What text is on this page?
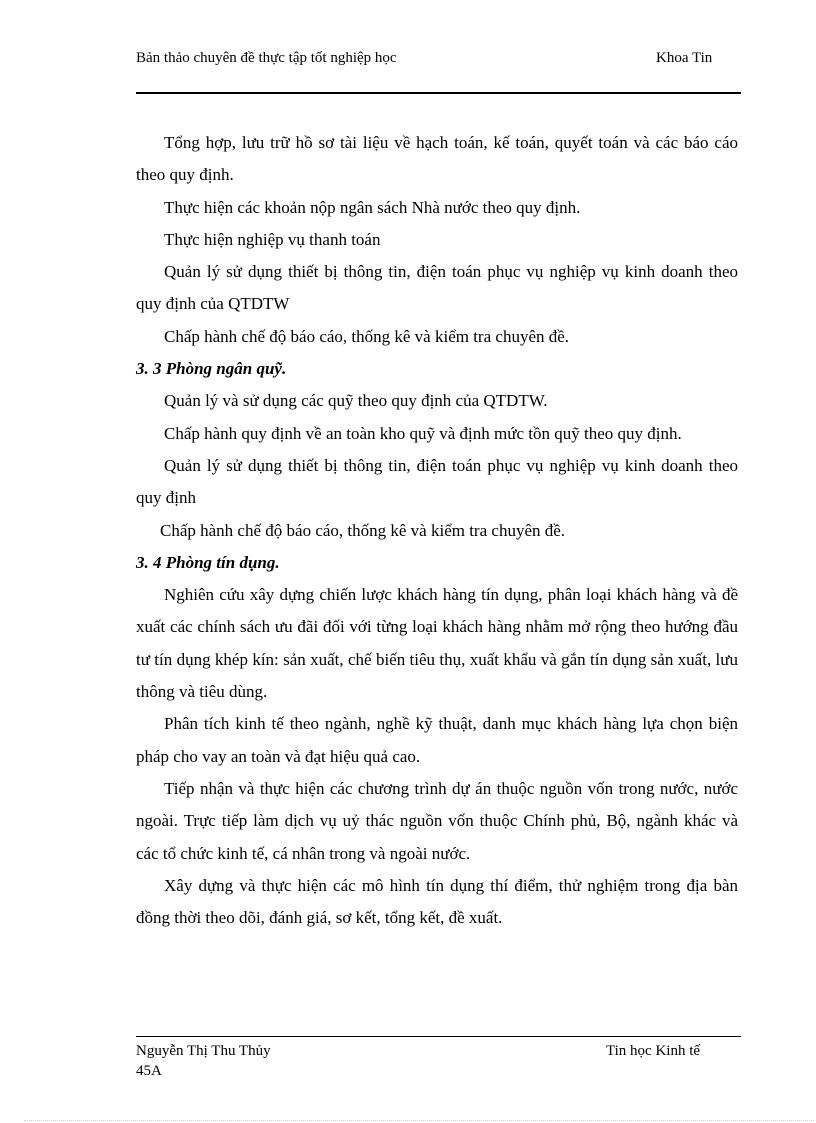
Bản thảo chuyên đề thực tập tốt nghiệp học	Khoa Tin

Tổng hợp, lưu trữ hồ sơ tài liệu về hạch toán, kế toán, quyết toán và các báo cáo theo quy định.

Thực hiện các khoản nộp ngân sách Nhà nước theo quy định.

Thực hiện nghiệp vụ thanh toán

Quản lý sử dụng thiết bị thông tin, điện toán phục vụ nghiệp vụ kinh doanh theo quy định của QTDTW

Chấp hành chế độ báo cáo, thống kê và kiểm tra chuyên đề.

3. 3 Phòng ngân quỹ.

Quản lý và sử dụng các quỹ theo quy định của QTDTW.

Chấp hành quy định về an toàn kho quỹ và định mức tồn quỹ theo quy định.

Quản lý sử dụng thiết bị thông tin, điện toán phục vụ nghiệp vụ kinh doanh theo quy định

Chấp hành chế độ báo cáo, thống kê và kiểm tra chuyên đề.

3. 4 Phòng tín dụng.

Nghiên cứu xây dựng chiến lược khách hàng tín dụng, phân loại khách hàng và đề xuất các chính sách ưu đãi đối với từng loại khách hàng nhằm mở rộng theo hướng đầu tư tín dụng khép kín: sản xuất, chế biến tiêu thụ, xuất khẩu và gắn tín dụng sản xuất, lưu thông và tiêu dùng.

Phân tích kinh tế theo ngành, nghề kỹ thuật, danh mục khách hàng lựa chọn biện pháp cho vay an toàn và đạt hiệu quả cao.

Tiếp nhận và thực hiện các chương trình dự án thuộc nguồn vốn trong nước, nước ngoài. Trực tiếp làm dịch vụ uỷ thác nguồn vốn thuộc Chính phủ, Bộ, ngành khác và các tổ chức kinh tế, cá nhân trong và ngoài nước.

Xây dựng và thực hiện các mô hình tín dụng thí điểm, thử nghiệm trong địa bàn đồng thời theo dõi, đánh giá, sơ kết, tổng kết, đề xuất.

Nguyễn Thị Thu Thủy 45A
Tin học Kinh tế
